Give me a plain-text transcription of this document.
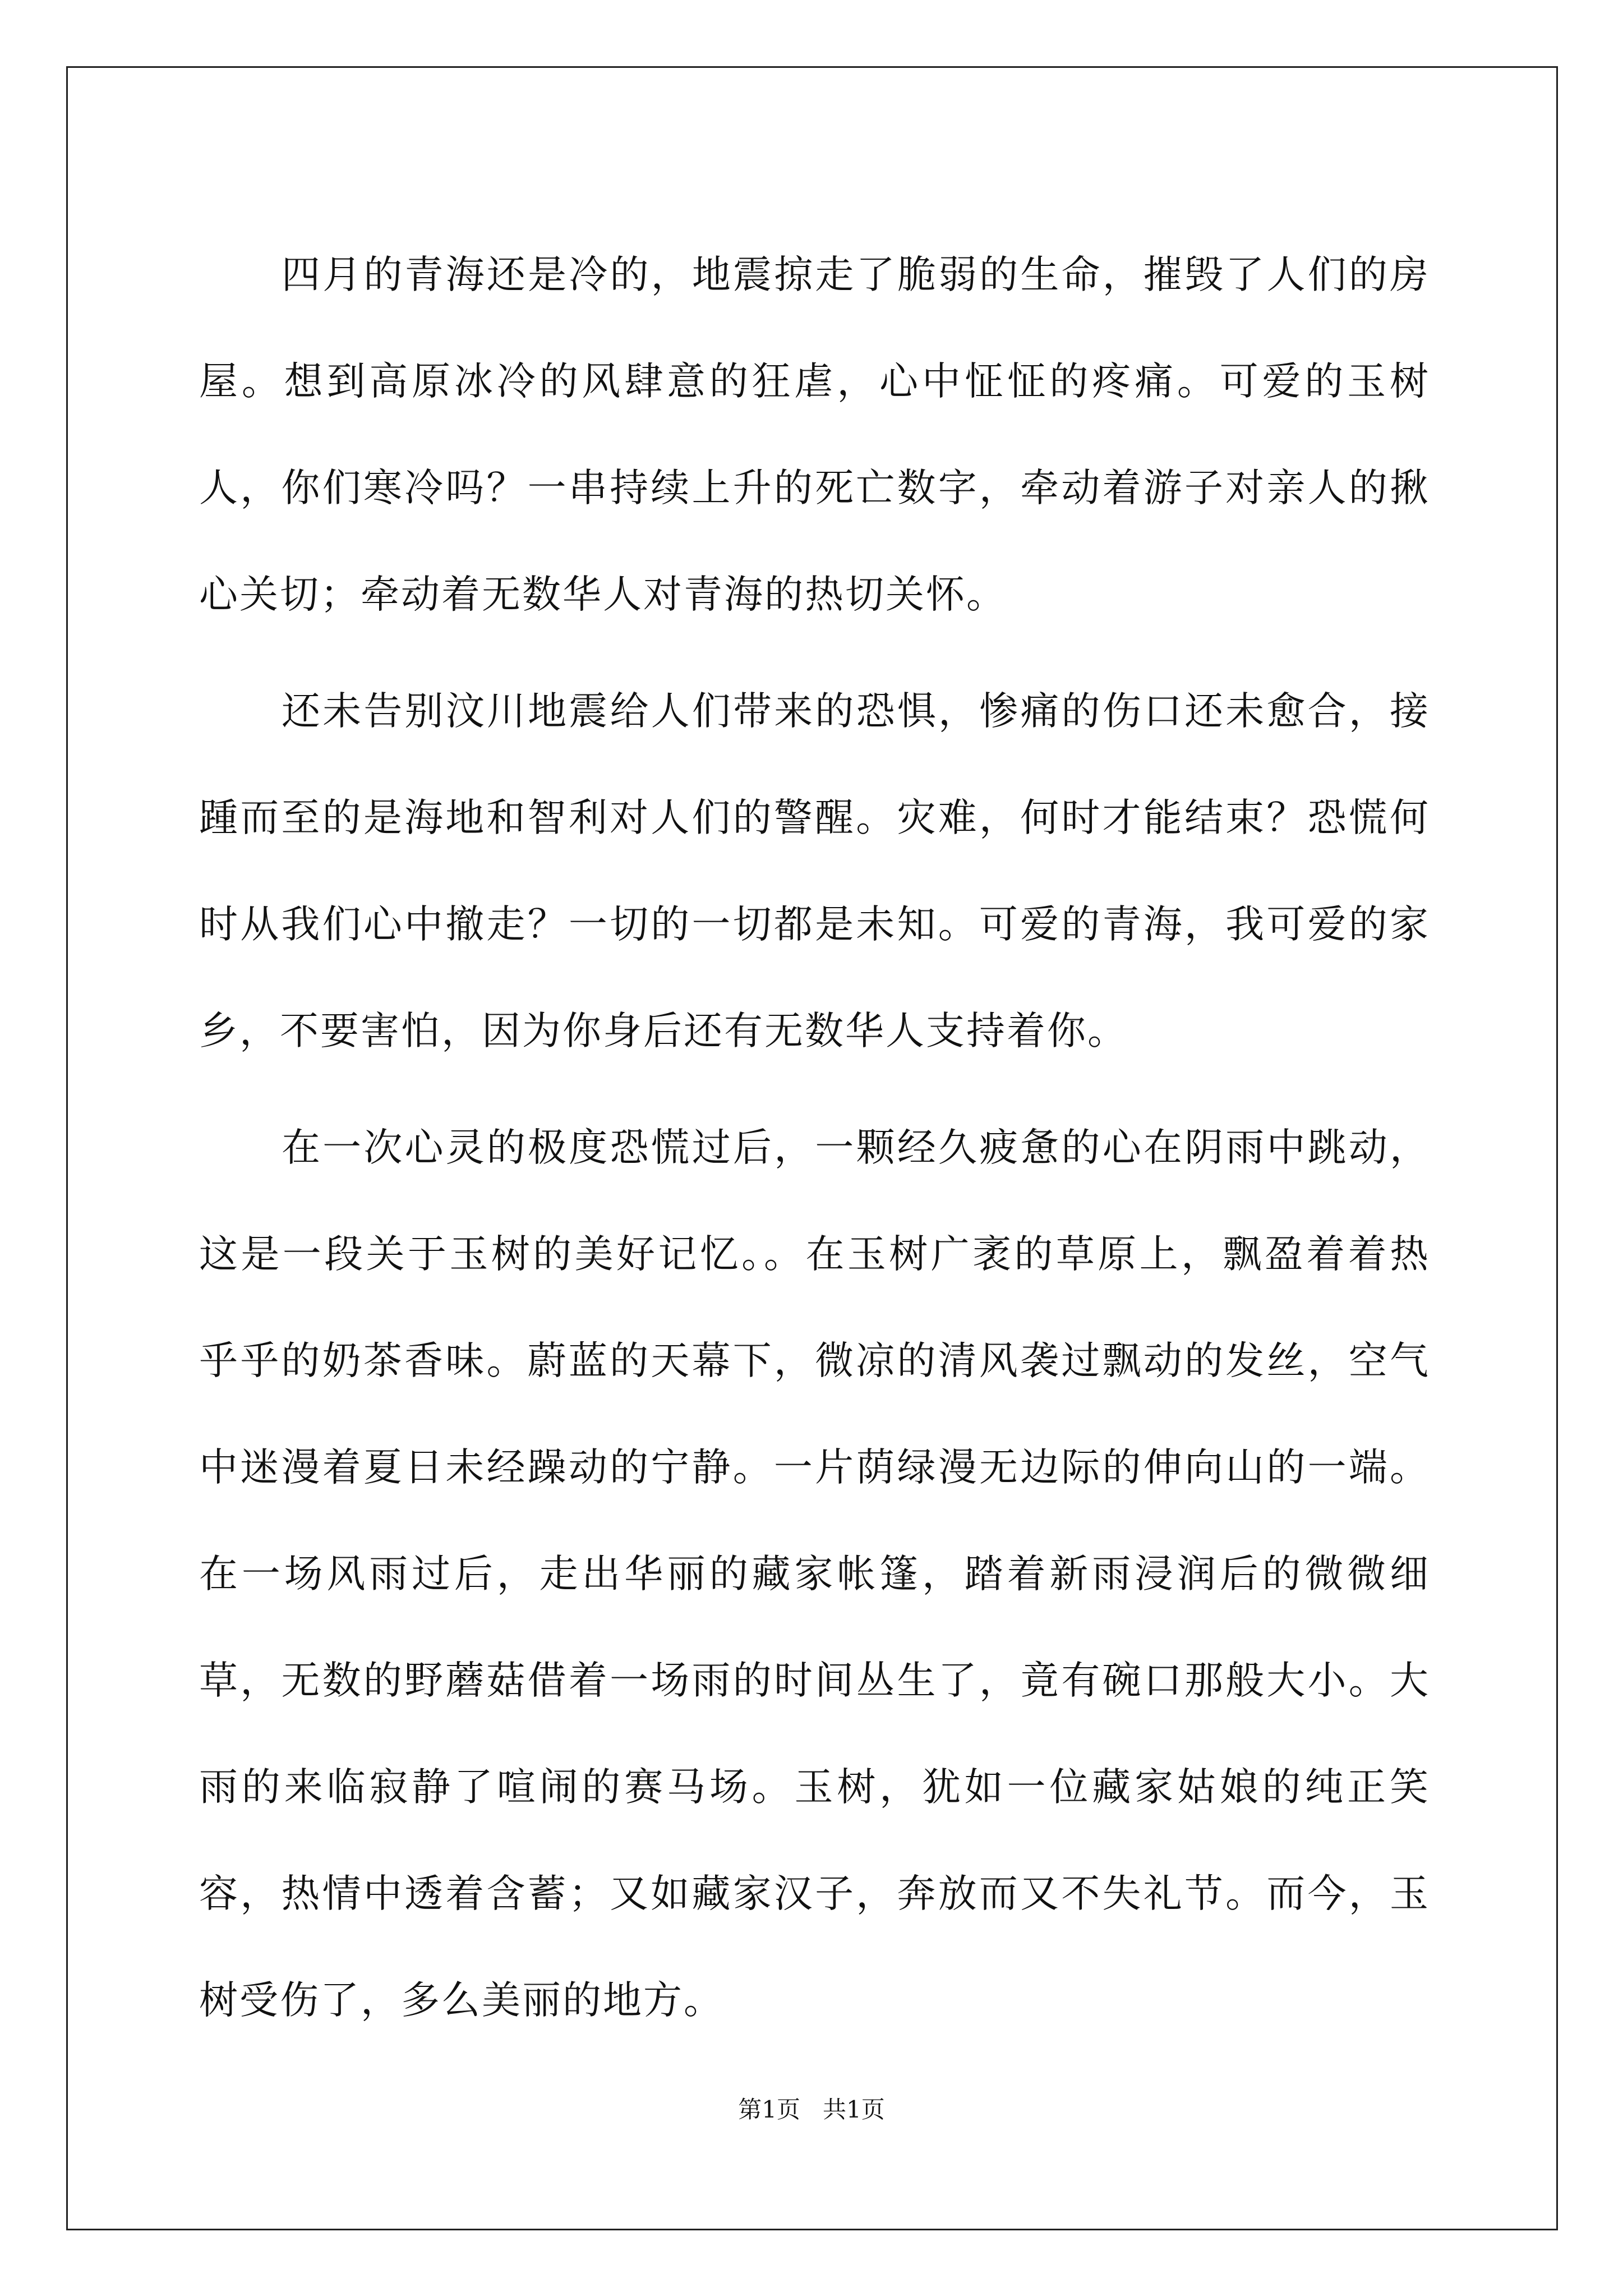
四月的青海还是冷的，地震掠走了脆弱的生命，摧毁了人们的房屋。想到高原冰冷的风肆意的狂虐，心中怔怔的疼痛。可爱的玉树人，你们寒冷吗？一串持续上升的死亡数字，牵动着游子对亲人的揪心关切；牵动着无数华人对青海的热切关怀。

还未告别汶川地震给人们带来的恐惧，惨痛的伤口还未愈合，接踵而至的是海地和智利对人们的警醒。灾难，何时才能结束？恐慌何时从我们心中撤走？一切的一切都是未知。可爱的青海，我可爱的家乡，不要害怕，因为你身后还有无数华人支持着你。

在一次心灵的极度恐慌过后，一颗经久疲惫的心在阴雨中跳动，这是一段关于玉树的美好记忆。。在玉树广袤的草原上，飘盈着着热乎乎的奶茶香味。蔚蓝的天幕下，微凉的清风袭过飘动的发丝，空气中迷漫着夏日未经躁动的宁静。一片荫绿漫无边际的伸向山的一端。在一场风雨过后，走出华丽的藏家帐篷，踏着新雨浸润后的微微细草，无数的野蘑菇借着一场雨的时间丛生了，竟有碗口那般大小。大雨的来临寂静了喧闹的赛马场。玉树，犹如一位藏家姑娘的纯正笑容，热情中透着含蓄；又如藏家汉子，奔放而又不失礼节。而今，玉树受伤了，多么美丽的地方。

第1页 共1页
